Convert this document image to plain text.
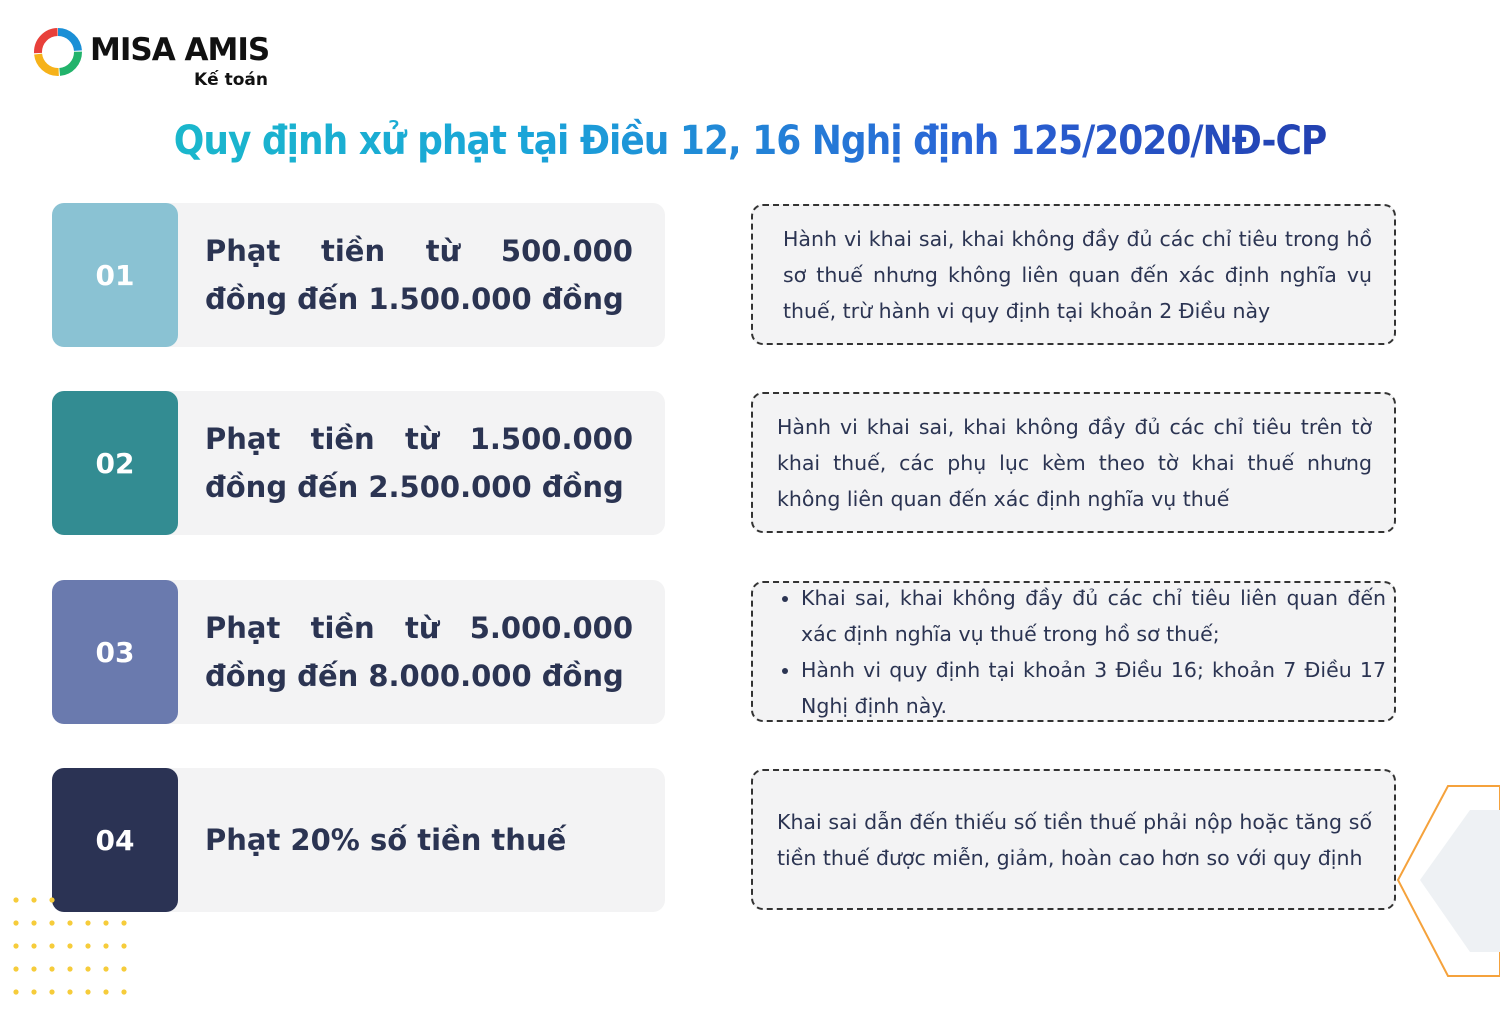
MISA AMIS
Kế toán
Quy định xử phạt tại Điều 12, 16 Nghị định 125/2020/NĐ-CP
01
Phạt tiền từ 500.000 đồng đến 1.500.000 đồng
Hành vi khai sai, khai không đầy đủ các chỉ tiêu trong hồ sơ thuế nhưng không liên quan đến xác định nghĩa vụ thuế, trừ hành vi quy định tại khoản 2 Điều này
02
Phạt tiền từ 1.500.000 đồng đến 2.500.000 đồng
Hành vi khai sai, khai không đầy đủ các chỉ tiêu trên tờ khai thuế, các phụ lục kèm theo tờ khai thuế nhưng không liên quan đến xác định nghĩa vụ thuế
03
Phạt tiền từ 5.000.000 đồng đến 8.000.000 đồng
• Khai sai, khai không đầy đủ các chỉ tiêu liên quan đến xác định nghĩa vụ thuế trong hồ sơ thuế;
• Hành vi quy định tại khoản 3 Điều 16; khoản 7 Điều 17 Nghị định này.
04	Phạt 20% số tiền thuế
Khai sai dẫn đến thiếu số tiền thuế phải nộp hoặc tăng số tiền thuế được miễn, giảm, hoàn cao hơn so với quy định
